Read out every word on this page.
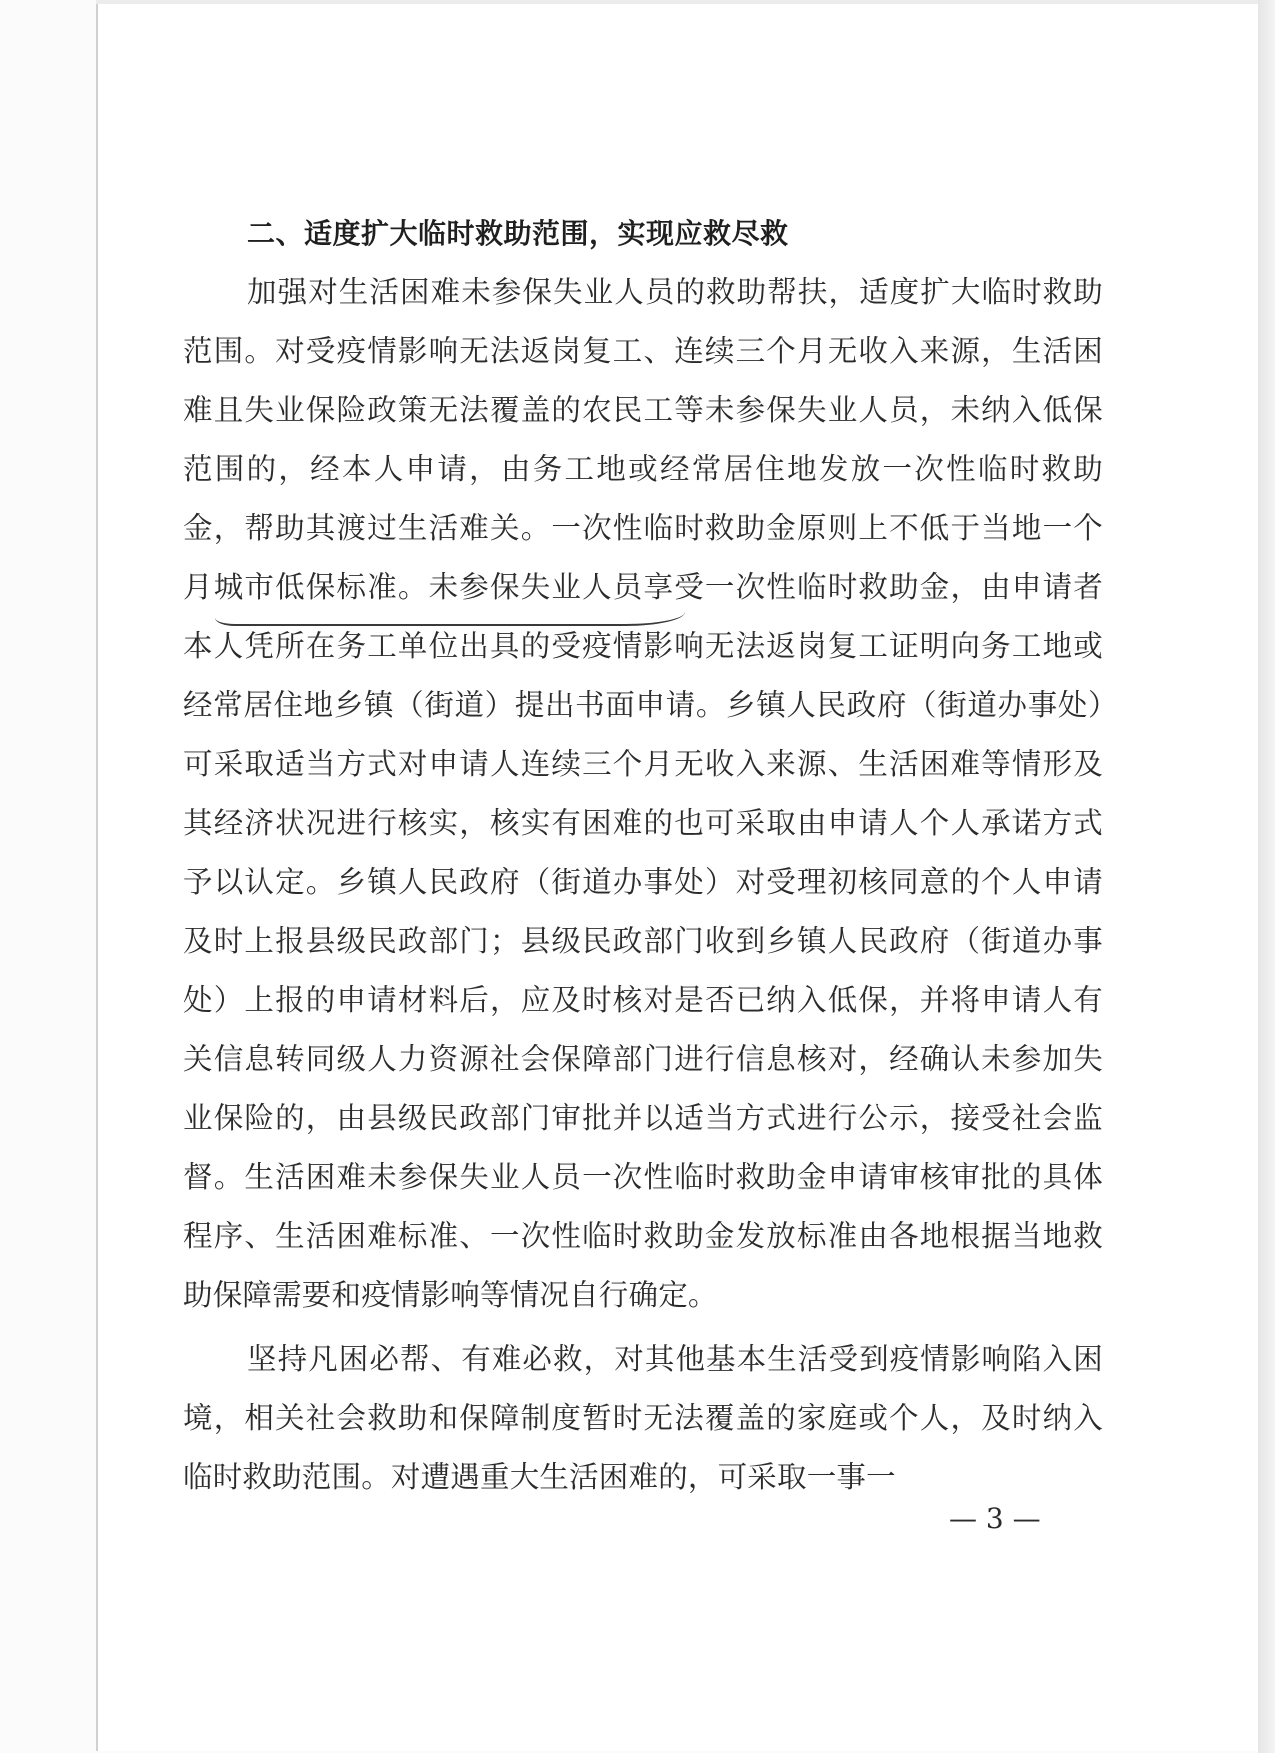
二、适度扩大临时救助范围，实现应救尽救

加强对生活困难未参保失业人员的救助帮扶，适度扩大临时救助范围。对受疫情影响无法返岗复工、连续三个月无收入来源，生活困难且失业保险政策无法覆盖的农民工等未参保失业人员，未纳入低保范围的，经本人申请，由务工地或经常居住地发放一次性临时救助金，帮助其渡过生活难关。一次性临时救助金原则上不低于当地一个月城市低保标准。未参保失业人员享受一次性临时救助金，由申请者本人凭所在务工单位出具的受疫情影响无法返岗复工证明向务工地或经常居住地乡镇（街道）提出书面申请。乡镇人民政府（街道办事处）可采取适当方式对申请人连续三个月无收入来源、生活困难等情形及其经济状况进行核实，核实有困难的也可采取由申请人个人承诺方式予以认定。乡镇人民政府（街道办事处）对受理初核同意的个人申请及时上报县级民政部门；县级民政部门收到乡镇人民政府（街道办事处）上报的申请材料后，应及时核对是否已纳入低保，并将申请人有关信息转同级人力资源社会保障部门进行信息核对，经确认未参加失业保险的，由县级民政部门审批并以适当方式进行公示，接受社会监督。生活困难未参保失业人员一次性临时救助金申请审核审批的具体程序、生活困难标准、一次性临时救助金发放标准由各地根据当地救助保障需要和疫情影响等情况自行确定。

坚持凡困必帮、有难必救，对其他基本生活受到疫情影响陷入困境，相关社会救助和保障制度暂时无法覆盖的家庭或个人，及时纳入临时救助范围。对遭遇重大生活困难的，可采取一事一

— 3 —
